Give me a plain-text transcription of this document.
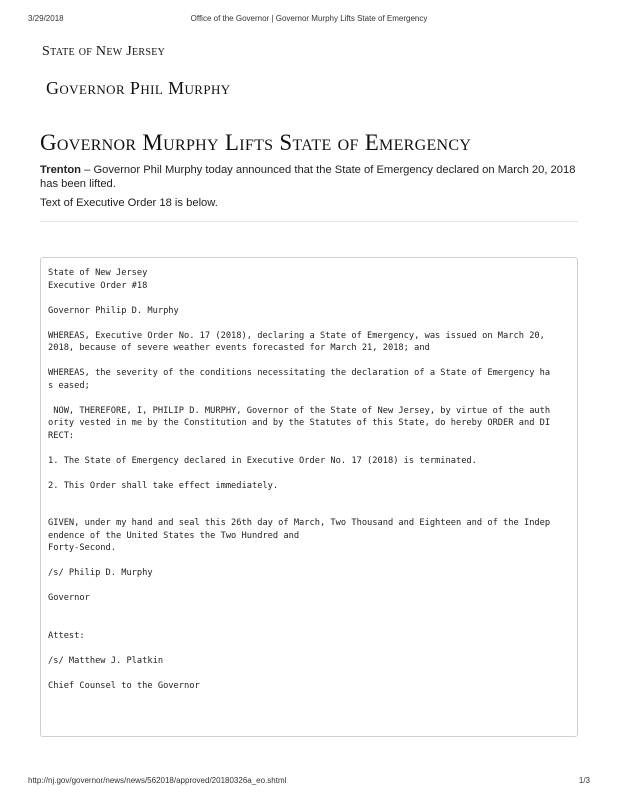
3/29/2018	Office of the Governor | Governor Murphy Lifts State of Emergency
State of New Jersey
Governor Phil Murphy
Governor Murphy Lifts State of Emergency

Trenton – Governor Phil Murphy today announced that the State of Emergency declared on March 20, 2018 has been lifted.

Text of Executive Order 18 is below.

State of New Jersey
Executive Order #18
Governor Philip D. Murphy
WHEREAS, Executive Order No. 17 (2018), declaring a State of Emergency, was issued on March 20,
2018, because of severe weather events forecasted for March 21, 2018; and
WHEREAS, the severity of the conditions necessitating the declaration of a State of Emergency ha
s eased;
NOW, THEREFORE, I, PHILIP D. MURPHY, Governor of the State of New Jersey, by virtue of the auth
ority vested in me by the Constitution and by the Statutes of this State, do hereby ORDER and DI
RECT:
1. The State of Emergency declared in Executive Order No. 17 (2018) is terminated.
2. This Order shall take effect immediately.
GIVEN, under my hand and seal this 26th day of March, Two Thousand and Eighteen and of the Indep
endence of the United States the Two Hundred and
Forty-Second.
/s/ Philip D. Murphy
Governor
Attest:
/s/ Matthew J. Platkin
Chief Counsel to the Governor
http://nj.gov/governor/news/news/562018/approved/20180326a_eo.shtml	1/3
